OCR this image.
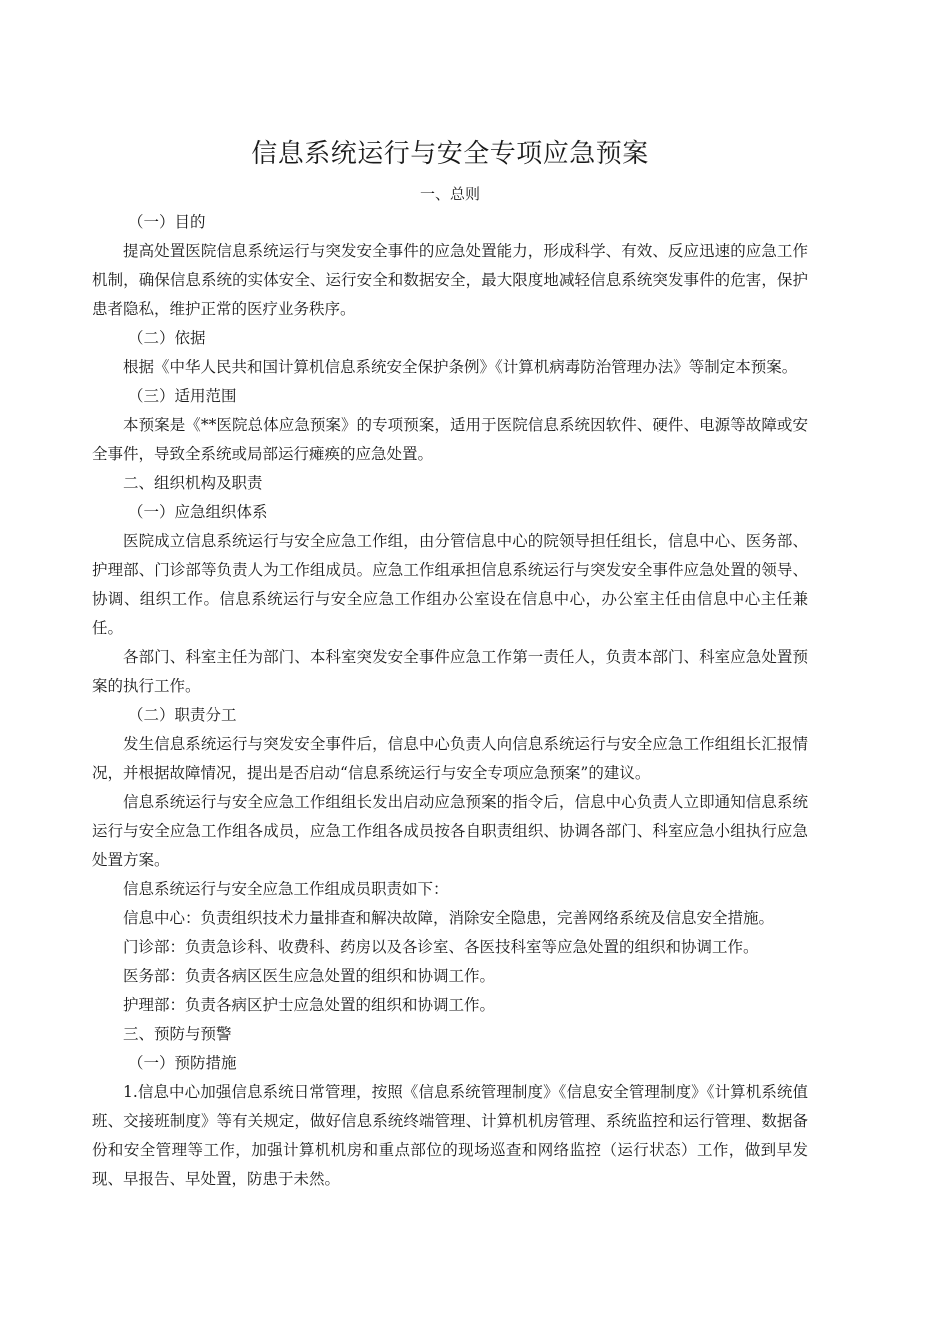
信息系统运行与安全专项应急预案

一、总则

（一）目的

提高处置医院信息系统运行与突发安全事件的应急处置能力，形成科学、有效、反应迅速的应急工作机制，确保信息系统的实体安全、运行安全和数据安全，最大限度地减轻信息系统突发事件的危害，保护患者隐私，维护正常的医疗业务秩序。

（二）依据

根据《中华人民共和国计算机信息系统安全保护条例》《计算机病毒防治管理办法》等制定本预案。

（三）适用范围

本预案是《**医院总体应急预案》的专项预案，适用于医院信息系统因软件、硬件、电源等故障或安全事件，导致全系统或局部运行瘫痪的应急处置。

二、组织机构及职责

（一）应急组织体系

医院成立信息系统运行与安全应急工作组，由分管信息中心的院领导担任组长，信息中心、医务部、护理部、门诊部等负责人为工作组成员。应急工作组承担信息系统运行与突发安全事件应急处置的领导、协调、组织工作。信息系统运行与安全应急工作组办公室设在信息中心，办公室主任由信息中心主任兼任。

各部门、科室主任为部门、本科室突发安全事件应急工作第一责任人，负责本部门、科室应急处置预案的执行工作。

（二）职责分工

发生信息系统运行与突发安全事件后，信息中心负责人向信息系统运行与安全应急工作组组长汇报情况，并根据故障情况，提出是否启动“信息系统运行与安全专项应急预案”的建议。

信息系统运行与安全应急工作组组长发出启动应急预案的指令后，信息中心负责人立即通知信息系统运行与安全应急工作组各成员，应急工作组各成员按各自职责组织、协调各部门、科室应急小组执行应急处置方案。

信息系统运行与安全应急工作组成员职责如下：

信息中心：负责组织技术力量排查和解决故障，消除安全隐患，完善网络系统及信息安全措施。

门诊部：负责急诊科、收费科、药房以及各诊室、各医技科室等应急处置的组织和协调工作。

医务部：负责各病区医生应急处置的组织和协调工作。

护理部：负责各病区护士应急处置的组织和协调工作。

三、预防与预警

（一）预防措施

1.信息中心加强信息系统日常管理，按照《信息系统管理制度》《信息安全管理制度》《计算机系统值班、交接班制度》等有关规定，做好信息系统终端管理、计算机机房管理、系统监控和运行管理、数据备份和安全管理等工作，加强计算机机房和重点部位的现场巡查和网络监控（运行状态）工作，做到早发现、早报告、早处置，防患于未然。
